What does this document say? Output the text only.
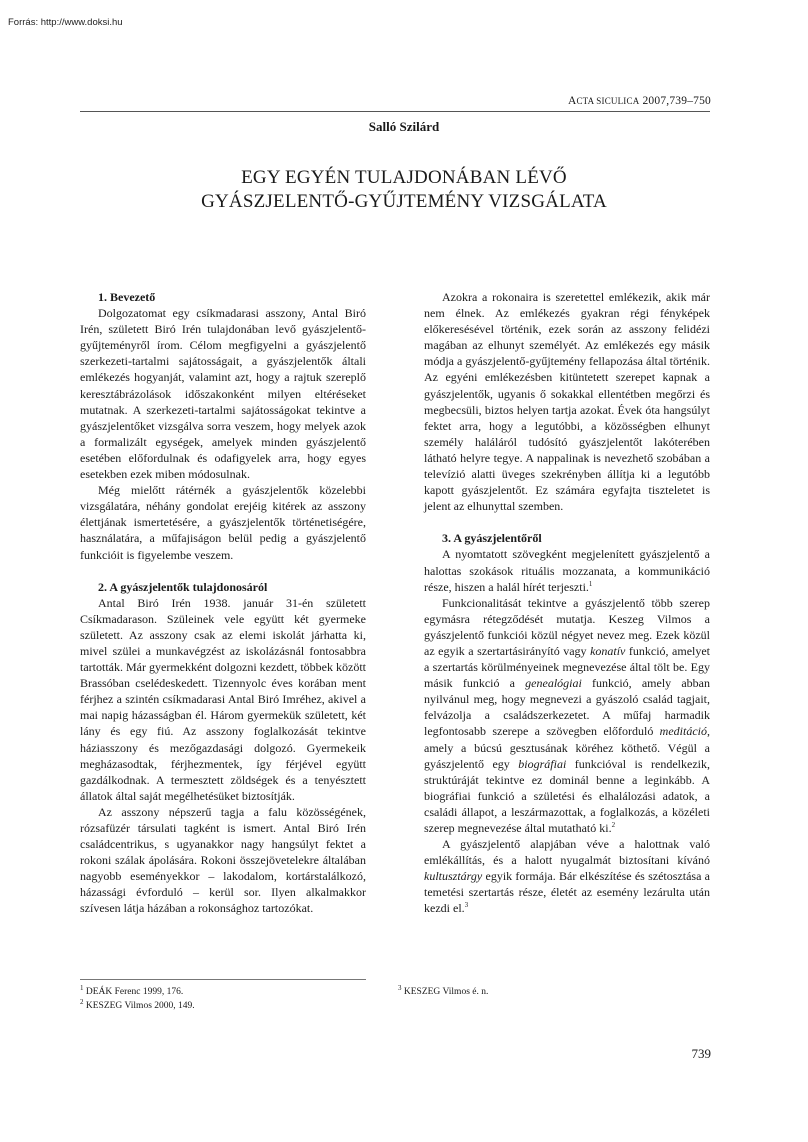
Forrás: http://www.doksi.hu
ACTA SICULICA 2007,739–750
Salló Szilárd
EGY EGYÉN TULAJDONÁBAN LÉVŐ
GYÁSZJELENTŐ-GYŰJTEMÉNY VIZSGÁLATA
1. Bevezető

Dolgozatomat egy csíkmadarasi asszony, Antal Biró Irén, született Biró Irén tulajdonában levő gyászjelentő-gyűjteményről írom. Célom megfigyelni a gyászjelentő szerkezeti-tartalmi sajátosságait, a gyászjelentők általi emlékezés hogyanját, valamint azt, hogy a rajtuk szereplő keresztábrázolások időszakonként milyen eltéréseket mutatnak. A szerkezeti-tartalmi sajátosságokat tekintve a gyászjelentőket vizsgálva sorra veszem, hogy melyek azok a formalizált egységek, amelyek minden gyászjelentő esetében előfordulnak és odafigyelek arra, hogy egyes esetekben ezek miben módosulnak.

Még mielőtt rátérnék a gyászjelentők közelebbi vizsgálatára, néhány gondolat erejéig kitérek az asszony élettjának ismertetésére, a gyászjelentők történetiségére, használatára, a műfajiságon belül pedig a gyászjelentő funkcióit is figyelembe veszem.

2. A gyászjelentők tulajdonosáról

Antal Biró Irén 1938. január 31-én született Csíkmadarason. Szüleinek vele együtt két gyermeke született. Az asszony csak az elemi iskolát járhatta ki, mivel szülei a munkavégzést az iskolázásnál fontosabbra tartották. Már gyermekként dolgozni kezdett, többek között Brassóban cselédeskedett. Tizennyolc éves korában ment férjhez a szintén csíkmadarasi Antal Biró Imréhez, akivel a mai napig házasságban él. Három gyermekük született, két lány és egy fiú. Az asszony foglalkozását tekintve háziasszony és mezőgazdasági dolgozó. Gyermekeik megházasodtak, férjhezmentek, így férjével együtt gazdálkodnak. A termesztett zöldségek és a tenyésztett állatok által saját megélhetésüket biztosítják.

Az asszony népszerű tagja a falu közösségének, rózsafüzér társulati tagként is ismert. Antal Biró Irén családcentrikus, s ugyanakkor nagy hangsúlyt fektet a rokoni szálak ápolására. Rokoni összejövetelekre általában nagyobb eseményekkor – lakodalom, kortárstalálkozó, házassági évforduló – kerül sor. Ilyen alkalmakkor szívesen látja házában a rokonsághoz tartozókat.

Azokra a rokonaira is szeretettel emlékezik, akik már nem élnek. Az emlékezés gyakran régi fényképek előkeresésével történik, ezek során az asszony felidézi magában az elhunyt személyét. Az emlékezés egy másik módja a gyászjelentő-gyűjtemény fellapozása által történik. Az egyéni emlékezésben kitüntetett szerepet kapnak a gyászjelentők, ugyanis ő sokakkal ellentétben megőrzi és megbecsüli, biztos helyen tartja azokat. Évek óta hangsúlyt fektet arra, hogy a legutóbbi, a közösségben elhunyt személy haláláról tudósító gyászjelentőt lakóterében látható helyre tegye. A nappalinak is nevezhető szobában a televízió alatti üveges szekrényben állítja ki a legutóbb kapott gyászjelentőt. Ez számára egyfajta tiszteletet is jelent az elhunyttal szemben.

3. A gyászjelentőről

A nyomtatott szövegként megjelenített gyászjelentő a halottas szokások rituális mozzanata, a kommunikáció része, hiszen a halál hírét terjeszti.$^1$

Funkcionalitását tekintve a gyászjelentő több szerep egymásra rétegződését mutatja. Keszeg Vilmos a gyászjelentő funkciói közül négyet nevez meg. Ezek közül az egyik a szertartásirányító vagy konatív funkció, amelyet a szertartás körülményeinek megnevezése által tölt be. Egy másik funkció a genealógiai funkció, amely abban nyilvánul meg, hogy megnevezi a gyászoló család tagjait, felvázolja a családszerkezetet. A műfaj harmadik legfontosabb szerepe a szövegben előforduló meditáció, amely a búcsú gesztusának köréhez köthető. Végül a gyászjelentő egy biográfiai funkcióval is rendelkezik, struktúráját tekintve ez dominál benne a leginkább. A biográfiai funkció a születési és elhalálozási adatok, a családi állapot, a leszármazottak, a foglalkozás, a közéleti szerep megnevezése által mutatható ki.$^2$

A gyászjelentő alapjában véve a halottnak való emlékállítás, és a halott nyugalmát biztosítani kívánó kultusztárgy egyik formája. Bár elkészítése és szétosztása a temetési szertartás része, életét az esemény lezárulta után kezdi el.$^3$

$^1$ DEÁK Ferenc 1999, 176.
$^2$ KESZEG Vilmos 2000, 149.
$^3$ KESZEG Vilmos é. n.
739
